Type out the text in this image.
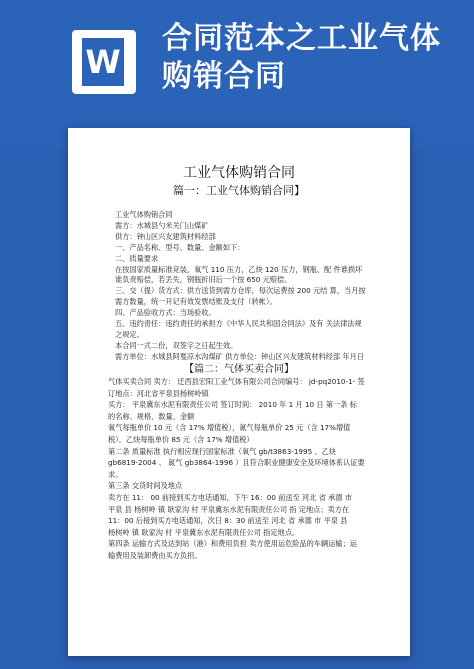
W
合同范本之工业气体购销合同
工业气体购销合同
篇一：工业气体购销合同】
工业气体购销合同
需方：水城县勺米关门山煤矿
供方：钟山区兴友建筑材料经部
一、产品名称、型号、数量、金额如下：
二、质量要求
在按国家质量标准竞装，氧气 110 压力，乙炔 120 压力，钢瓶、配 件谁损坏
谁负责赔偿，若丢失，钢瓶折旧后一个按 650 元赔偿。
三、交（提）货方式：供方送货到需方仓库，每次运费按 200 元结 算，当月按
需方数量，统一开记有效发票结账及支付（转帐）。
四、产品验收方式：当场验收。
五、违约责任：违约责任的承担方《中华人民共和国合同法》及有 关法律法规
之规定。
本合同一式二份，双签字之日起生效。
需方单位：水城县阿戛凉水沟煤矿 供方单位：钟山区兴友建筑材料经部 年月日
【篇二：气体买卖合同】
气体买卖合同 卖方： 迁西县宏阳工业气体有限公司合同编号： jd-pq2010-1- 签
订地点：河北省平泉县杨树岭镇
买方： 平泉冀东水泥有限责任公司 签订时间： 2010 年 1 月 10 日 第一条 标
的名称、规格、数量、金额
氧气每瓶单价 10 元（含 17% 增值税），氮气每瓶单价 25 元（含 17%增值
税），乙炔每瓶单价 85 元（含 17% 增值税）
第二条 质量标准 执行相应现行国家标准（氧气 gb/t3863-1995 、乙炔
gb6819-2004 、 氮气 gb3864-1996 ）且符合职业健康安全及环境体系认证要
求。
第三条 交货时间及地点
卖方在 11： 00 前接到买方电话通知，下午 16：00 前送至 河北 省 承德 市
平泉 县 杨树岭 镇 耿家沟 村 平泉冀东水泥有限责任公司 指 定地点；卖方在
11：00 后接到买方电话通知，次日 8：30 前送至 河北 省 承德 市 平泉 县
杨树岭 镇 耿家沟 村 平泉冀东水泥有限责任公司 指定地点。
第四条 运输方式及达到站（港）和费用负担 卖方使用运危险品的车辆运输；运
输费用及装卸费由买方负担。
